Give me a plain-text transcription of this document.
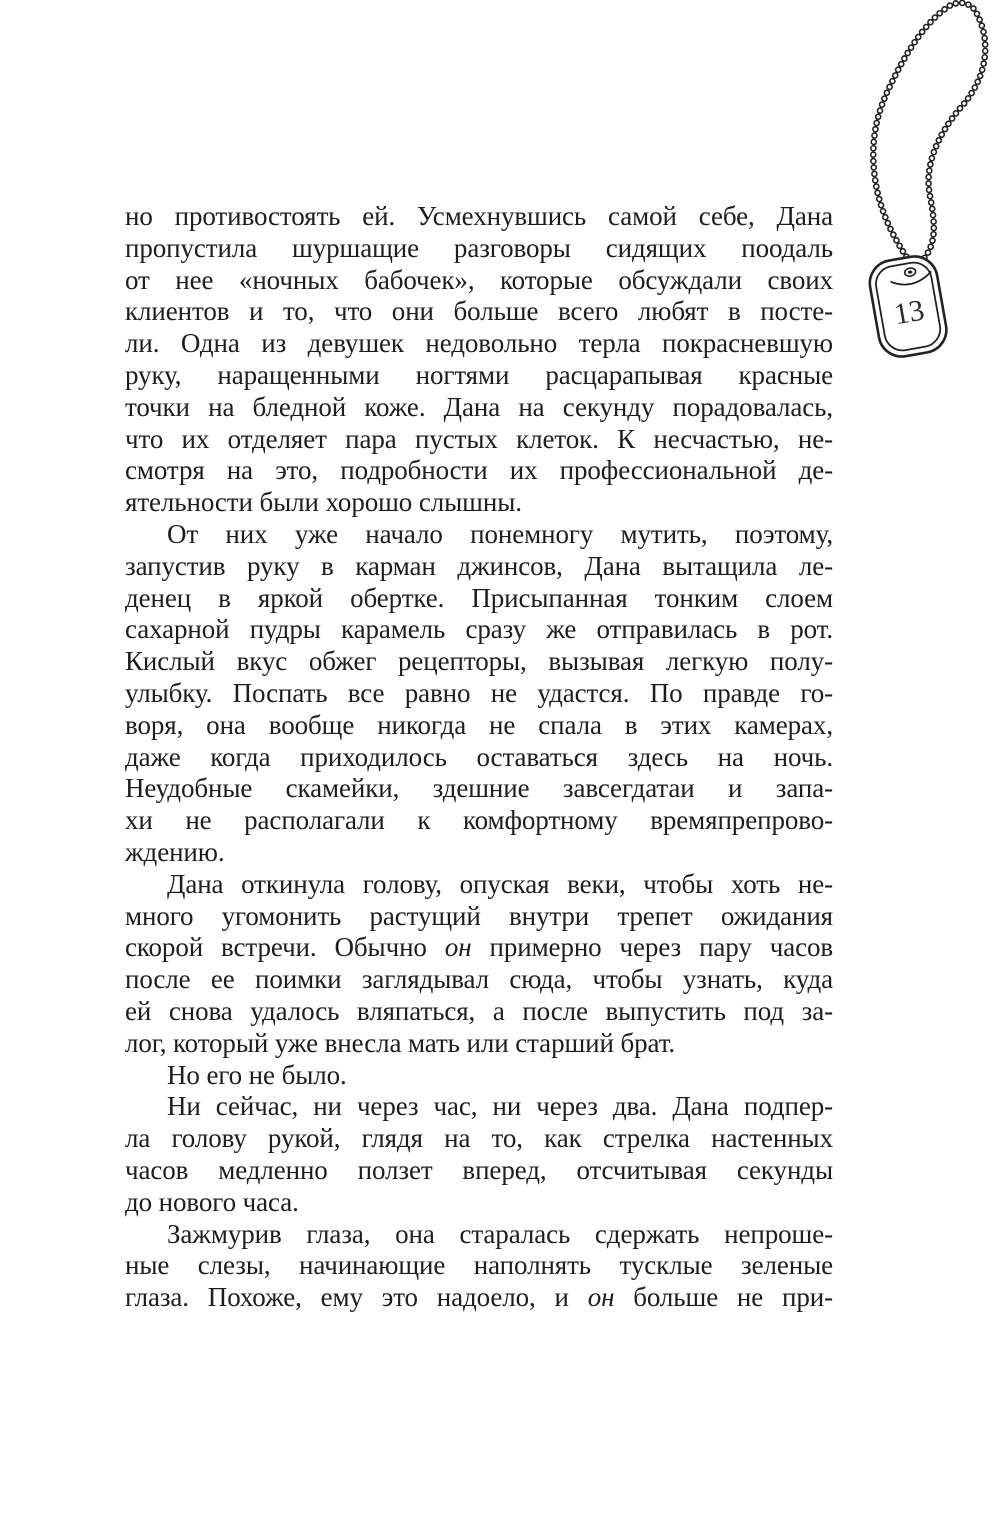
13
но противостоять ей. Усмехнувшись самой себе, Дана
пропустила шуршащие разговоры сидящих поодаль
от нее «ночных бабочек», которые обсуждали своих
клиентов и то, что они больше всего любят в посте-
ли. Одна из девушек недовольно терла покрасневшую
руку, наращенными ногтями расцарапывая красные
точки на бледной коже. Дана на секунду порадовалась,
что их отделяет пара пустых клеток. К несчастью, не-
смотря на это, подробности их профессиональной де-
ятельности были хорошо слышны.
От них уже начало понемногу мутить, поэтому,
запустив руку в карман джинсов, Дана вытащила ле-
денец в яркой обертке. Присыпанная тонким слоем
сахарной пудры карамель сразу же отправилась в рот.
Кислый вкус обжег рецепторы, вызывая легкую полу-
улыбку. Поспать все равно не удастся. По правде го-
воря, она вообще никогда не спала в этих камерах,
даже когда приходилось оставаться здесь на ночь.
Неудобные скамейки, здешние завсегдатаи и запа-
хи не располагали к комфортному времяпрепрово-
ждению.
Дана откинула голову, опуская веки, чтобы хоть не-
много угомонить растущий внутри трепет ожидания
скорой встречи. Обычно он примерно через пару часов
после ее поимки заглядывал сюда, чтобы узнать, куда
ей снова удалось вляпаться, а после выпустить под за-
лог, который уже внесла мать или старший брат.
Но его не было.
Ни сейчас, ни через час, ни через два. Дана подпер-
ла голову рукой, глядя на то, как стрелка настенных
часов медленно ползет вперед, отсчитывая секунды
до нового часа.
Зажмурив глаза, она старалась сдержать непроше-
ные слезы, начинающие наполнять тусклые зеленые
глаза. Похоже, ему это надоело, и он больше не при-
